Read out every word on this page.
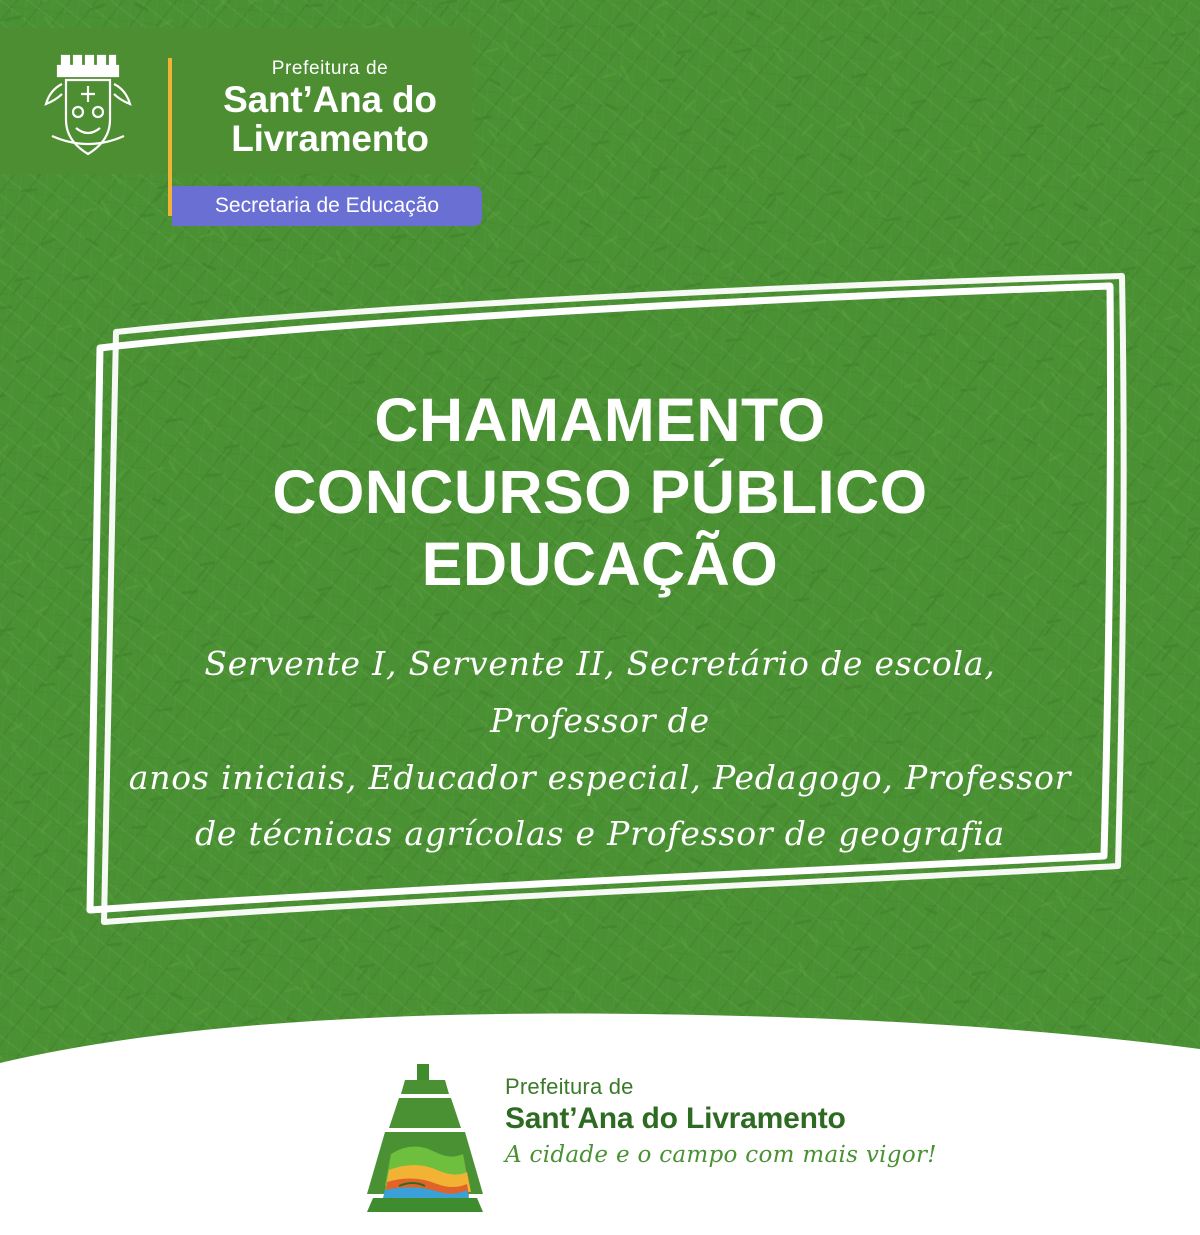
Prefeitura de
Sant’Ana do
Livramento
Secretaria de Educação
CHAMAMENTO
CONCURSO PÚBLICO
EDUCAÇÃO
Servente I, Servente II, Secretário de escola, Professor de
anos iniciais, Educador especial, Pedagogo, Professor
de técnicas agrícolas e Professor de geografia
Prefeitura de
Sant’Ana do Livramento
A cidade e o campo com mais vigor!
